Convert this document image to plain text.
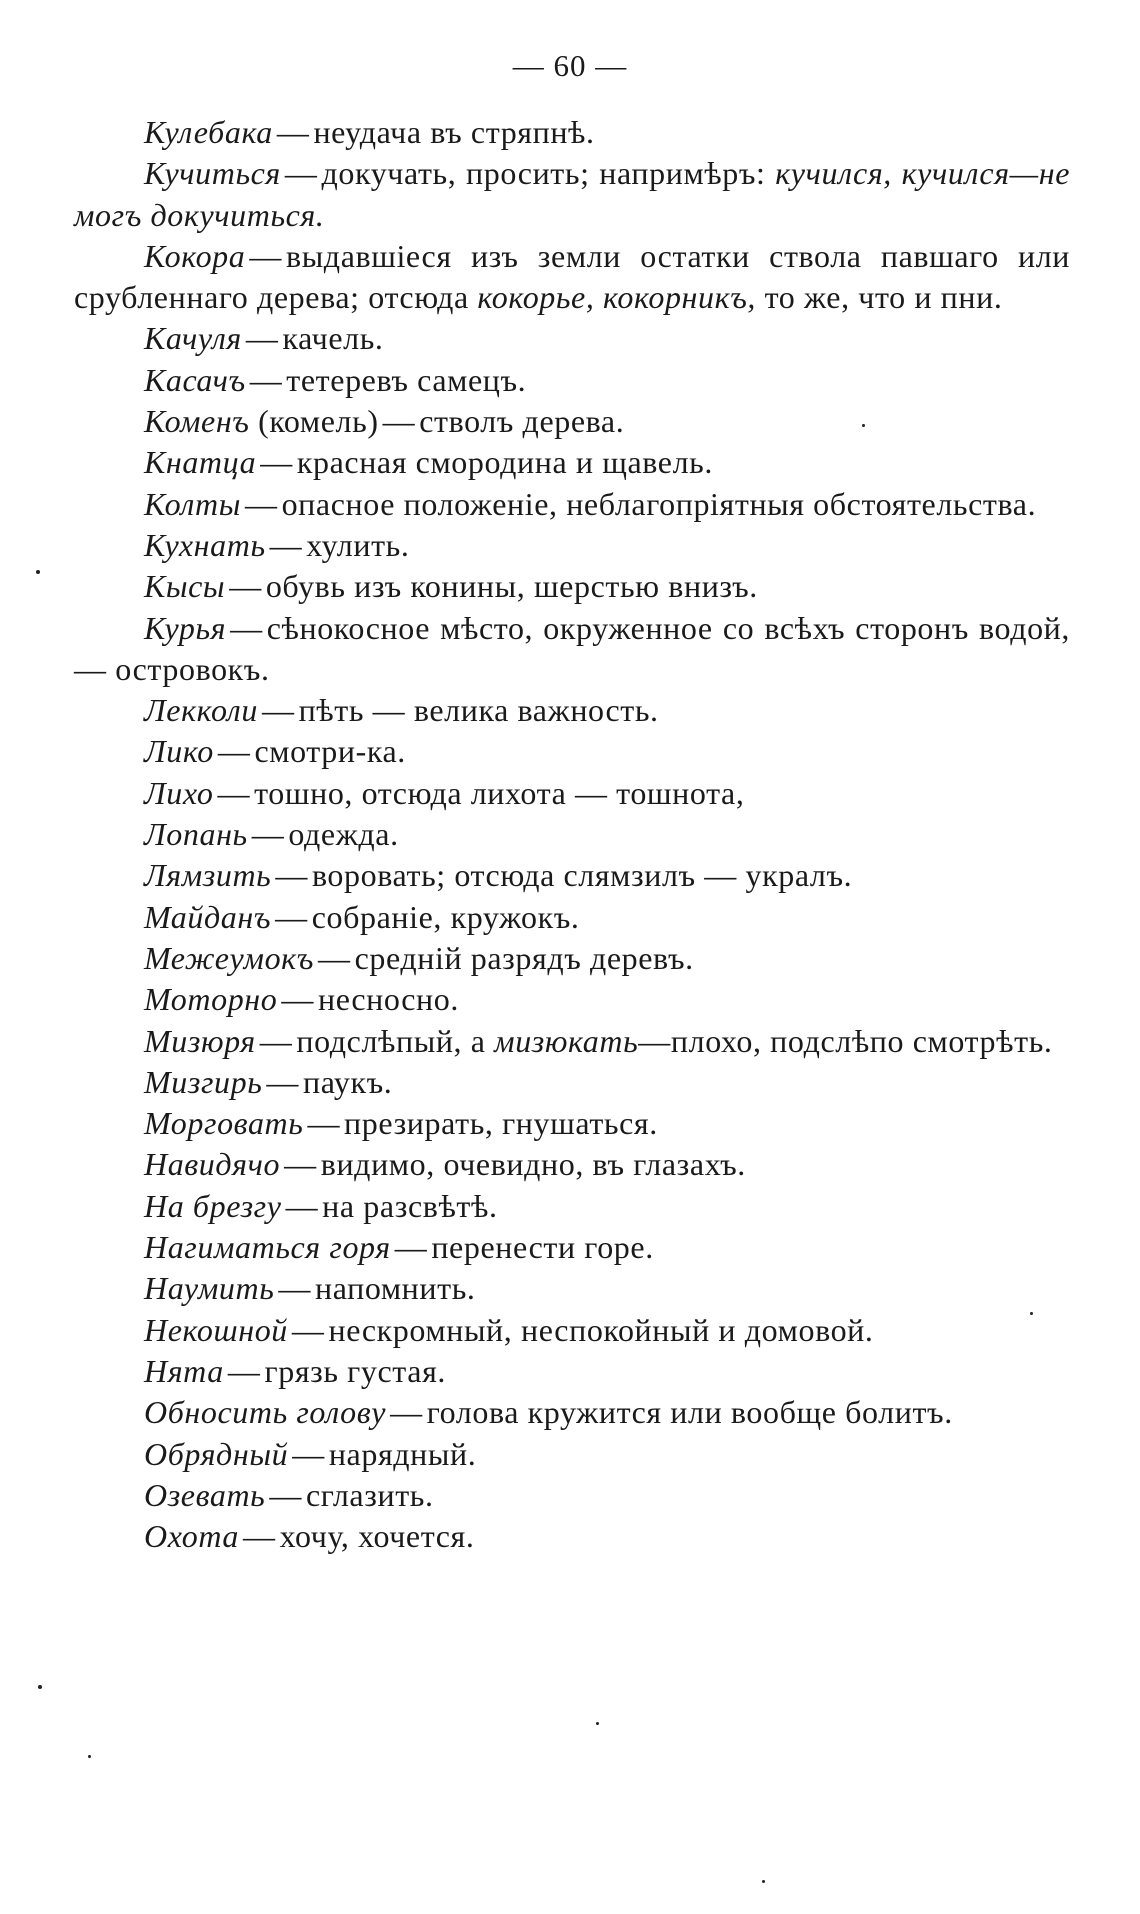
— 60 —

Кулебака — неудача въ стряпнѣ.

Кучиться — докучать, просить; напримѣръ: кучился, кучился—не могъ докучиться.

Кокора — выдавшіеся изъ земли остатки ствола павшаго или срубленнаго дерева; отсюда кокорье, кокорникъ, то же, что и пни.

Качуля — качель.

Касачъ — тетеревъ самецъ.

Коменъ (комель) — стволъ дерева.

Кнатца — красная смородина и щавель.

Колты — опасное положеніе, неблагопріятныя обстоятельства.

Кухнать — хулить.

Кысы — обувь изъ конины, шерстью внизъ.

Курья — сѣнокосное мѣсто, окруженное со всѣхъ сторонъ водой, — островокъ.

Лекколи — пѣть — велика важность.

Лико — смотри-ка.

Лихо — тошно, отсюда лихота — тошнота,

Лопань — одежда.

Лямзить — воровать; отсюда слямзилъ — укралъ.

Майданъ — собраніе, кружокъ.

Межеумокъ — средній разрядъ деревъ.

Моторно — несносно.

Мизюря — подслѣпый, а мизюкать—плохо, подслѣпо смотрѣть.

Мизгирь — паукъ.

Морговать — презирать, гнушаться.

Навидячо — видимо, очевидно, въ глазахъ.

На брезгу — на разсвѣтѣ.

Нагиматься горя — перенести горе.

Наумить — напомнить.

Некошной — нескромный, неспокойный и домовой.

Нята — грязь густая.

Обносить голову — голова кружится или вообще болитъ.

Обрядный — нарядный.

Озевать — сглазить.

Охота — хочу, хочется.
